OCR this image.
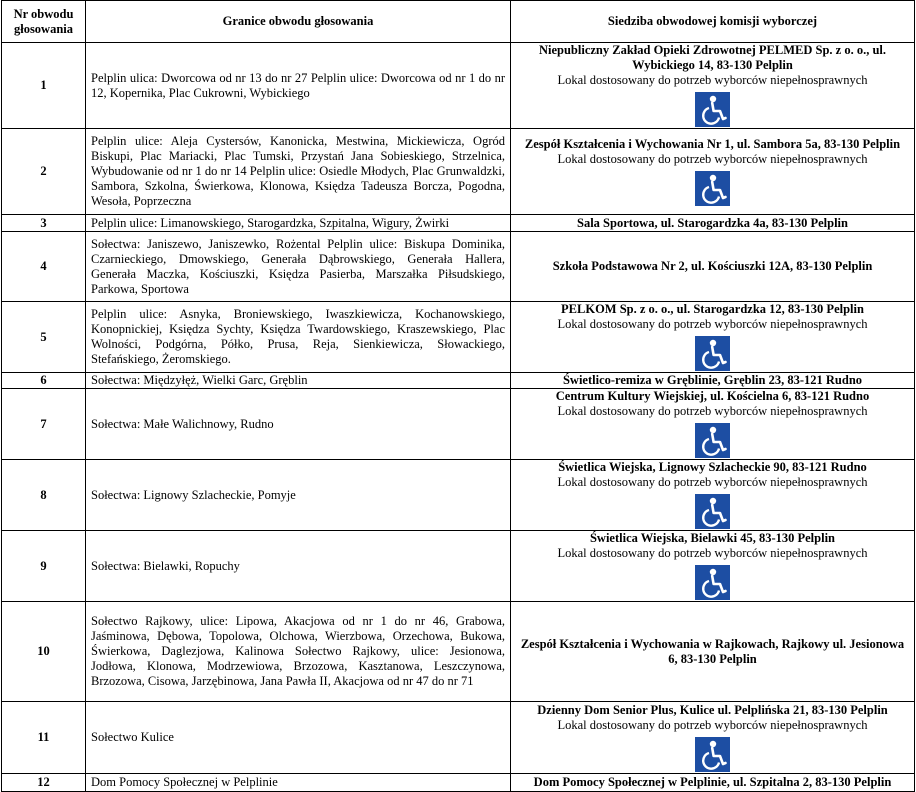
Nr obwodu głosowania	Granice obwodu głosowania	Siedziba obwodowej komisji wyborczej
1	Pelplin ulica: Dworcowa od nr 13 do nr 27 Pelplin ulice: Dworcowa od nr 1 do nr 12, Kopernika, Plac Cukrowni, Wybickiego	Niepubliczny Zakład Opieki Zdrowotnej PELMED Sp. z o. o., ul. Wybickiego 14, 83-130 Pelplin
Lokal dostosowany do potrzeb wyborców niepełnosprawnych

2	Pelplin ulice: Aleja Cystersów, Kanonicka, Mestwina, Mickiewicza, Ogród Biskupi, Plac Mariacki, Plac Tumski, Przystań Jana Sobieskiego, Strzelnica, Wybudowanie od nr 1 do nr 14 Pelplin ulice: Osiedle Młodych, Plac Grunwaldzki, Sambora, Szkolna, Świerkowa, Klonowa, Księdza Tadeusza Borcza, Pogodna, Wesoła, Poprzeczna	Zespół Kształcenia i Wychowania Nr 1, ul. Sambora 5a, 83-130 Pelplin
Lokal dostosowany do potrzeb wyborców niepełnosprawnych

3	Pelplin ulice: Limanowskiego, Starogardzka, Szpitalna, Wigury, Żwirki	Sala Sportowa, ul. Starogardzka 4a, 83-130 Pelplin

4	Sołectwa: Janiszewo, Janiszewko, Rożental Pelplin ulice: Biskupa Dominika, Czarnieckiego, Dmowskiego, Generała Dąbrowskiego, Generała Hallera, Generała Maczka, Kościuszki, Księdza Pasierba, Marszałka Piłsudskiego, Parkowa, Sportowa	Szkoła Podstawowa Nr 2, ul. Kościuszki 12A, 83-130 Pelplin

5	Pelplin ulice: Asnyka, Broniewskiego, Iwaszkiewicza, Kochanowskiego, Konopnickiej, Księdza Sychty, Księdza Twardowskiego, Kraszewskiego, Plac Wolności, Podgórna, Półko, Prusa, Reja, Sienkiewicza, Słowackiego, Stefańskiego, Żeromskiego.	PELKOM Sp. z o. o., ul. Starogardzka 12, 83-130 Pelplin
Lokal dostosowany do potrzeb wyborców niepełnosprawnych

6	Sołectwa: Międzyłęż, Wielki Garc, Gręblin	Świetlico-remiza w Gręblinie, Gręblin 23, 83-121 Rudno

7	Sołectwa: Małe Walichnowy, Rudno	Centrum Kultury Wiejskiej, ul. Kościelna 6, 83-121 Rudno
Lokal dostosowany do potrzeb wyborców niepełnosprawnych

8	Sołectwa: Lignowy Szlacheckie, Pomyje	Świetlica Wiejska, Lignowy Szlacheckie 90, 83-121 Rudno
Lokal dostosowany do potrzeb wyborców niepełnosprawnych

9	Sołectwa: Bielawki, Ropuchy	Świetlica Wiejska, Bielawki 45, 83-130 Pelplin
Lokal dostosowany do potrzeb wyborców niepełnosprawnych

10	Sołectwo Rajkowy, ulice: Lipowa, Akacjowa od nr 1 do nr 46, Grabowa, Jaśminowa, Dębowa, Topolowa, Olchowa, Wierzbowa, Orzechowa, Bukowa, Świerkowa, Daglezjowa, Kalinowa Sołectwo Rajkowy, ulice: Jesionowa, Jodłowa, Klonowa, Modrzewiowa, Brzozowa, Kasztanowa, Leszczynowa, Brzozowa, Cisowa, Jarzębinowa, Jana Pawła II, Akacjowa od nr 47 do nr 71	Zespół Kształcenia i Wychowania w Rajkowach, Rajkowy ul. Jesionowa 6, 83-130 Pelplin

11	Sołectwo Kulice	Dzienny Dom Senior Plus, Kulice ul. Pelplińska 21, 83-130 Pelplin
Lokal dostosowany do potrzeb wyborców niepełnosprawnych

12	Dom Pomocy Społecznej w Pelplinie	Dom Pomocy Społecznej w Pelplinie, ul. Szpitalna 2, 83-130 Pelplin
